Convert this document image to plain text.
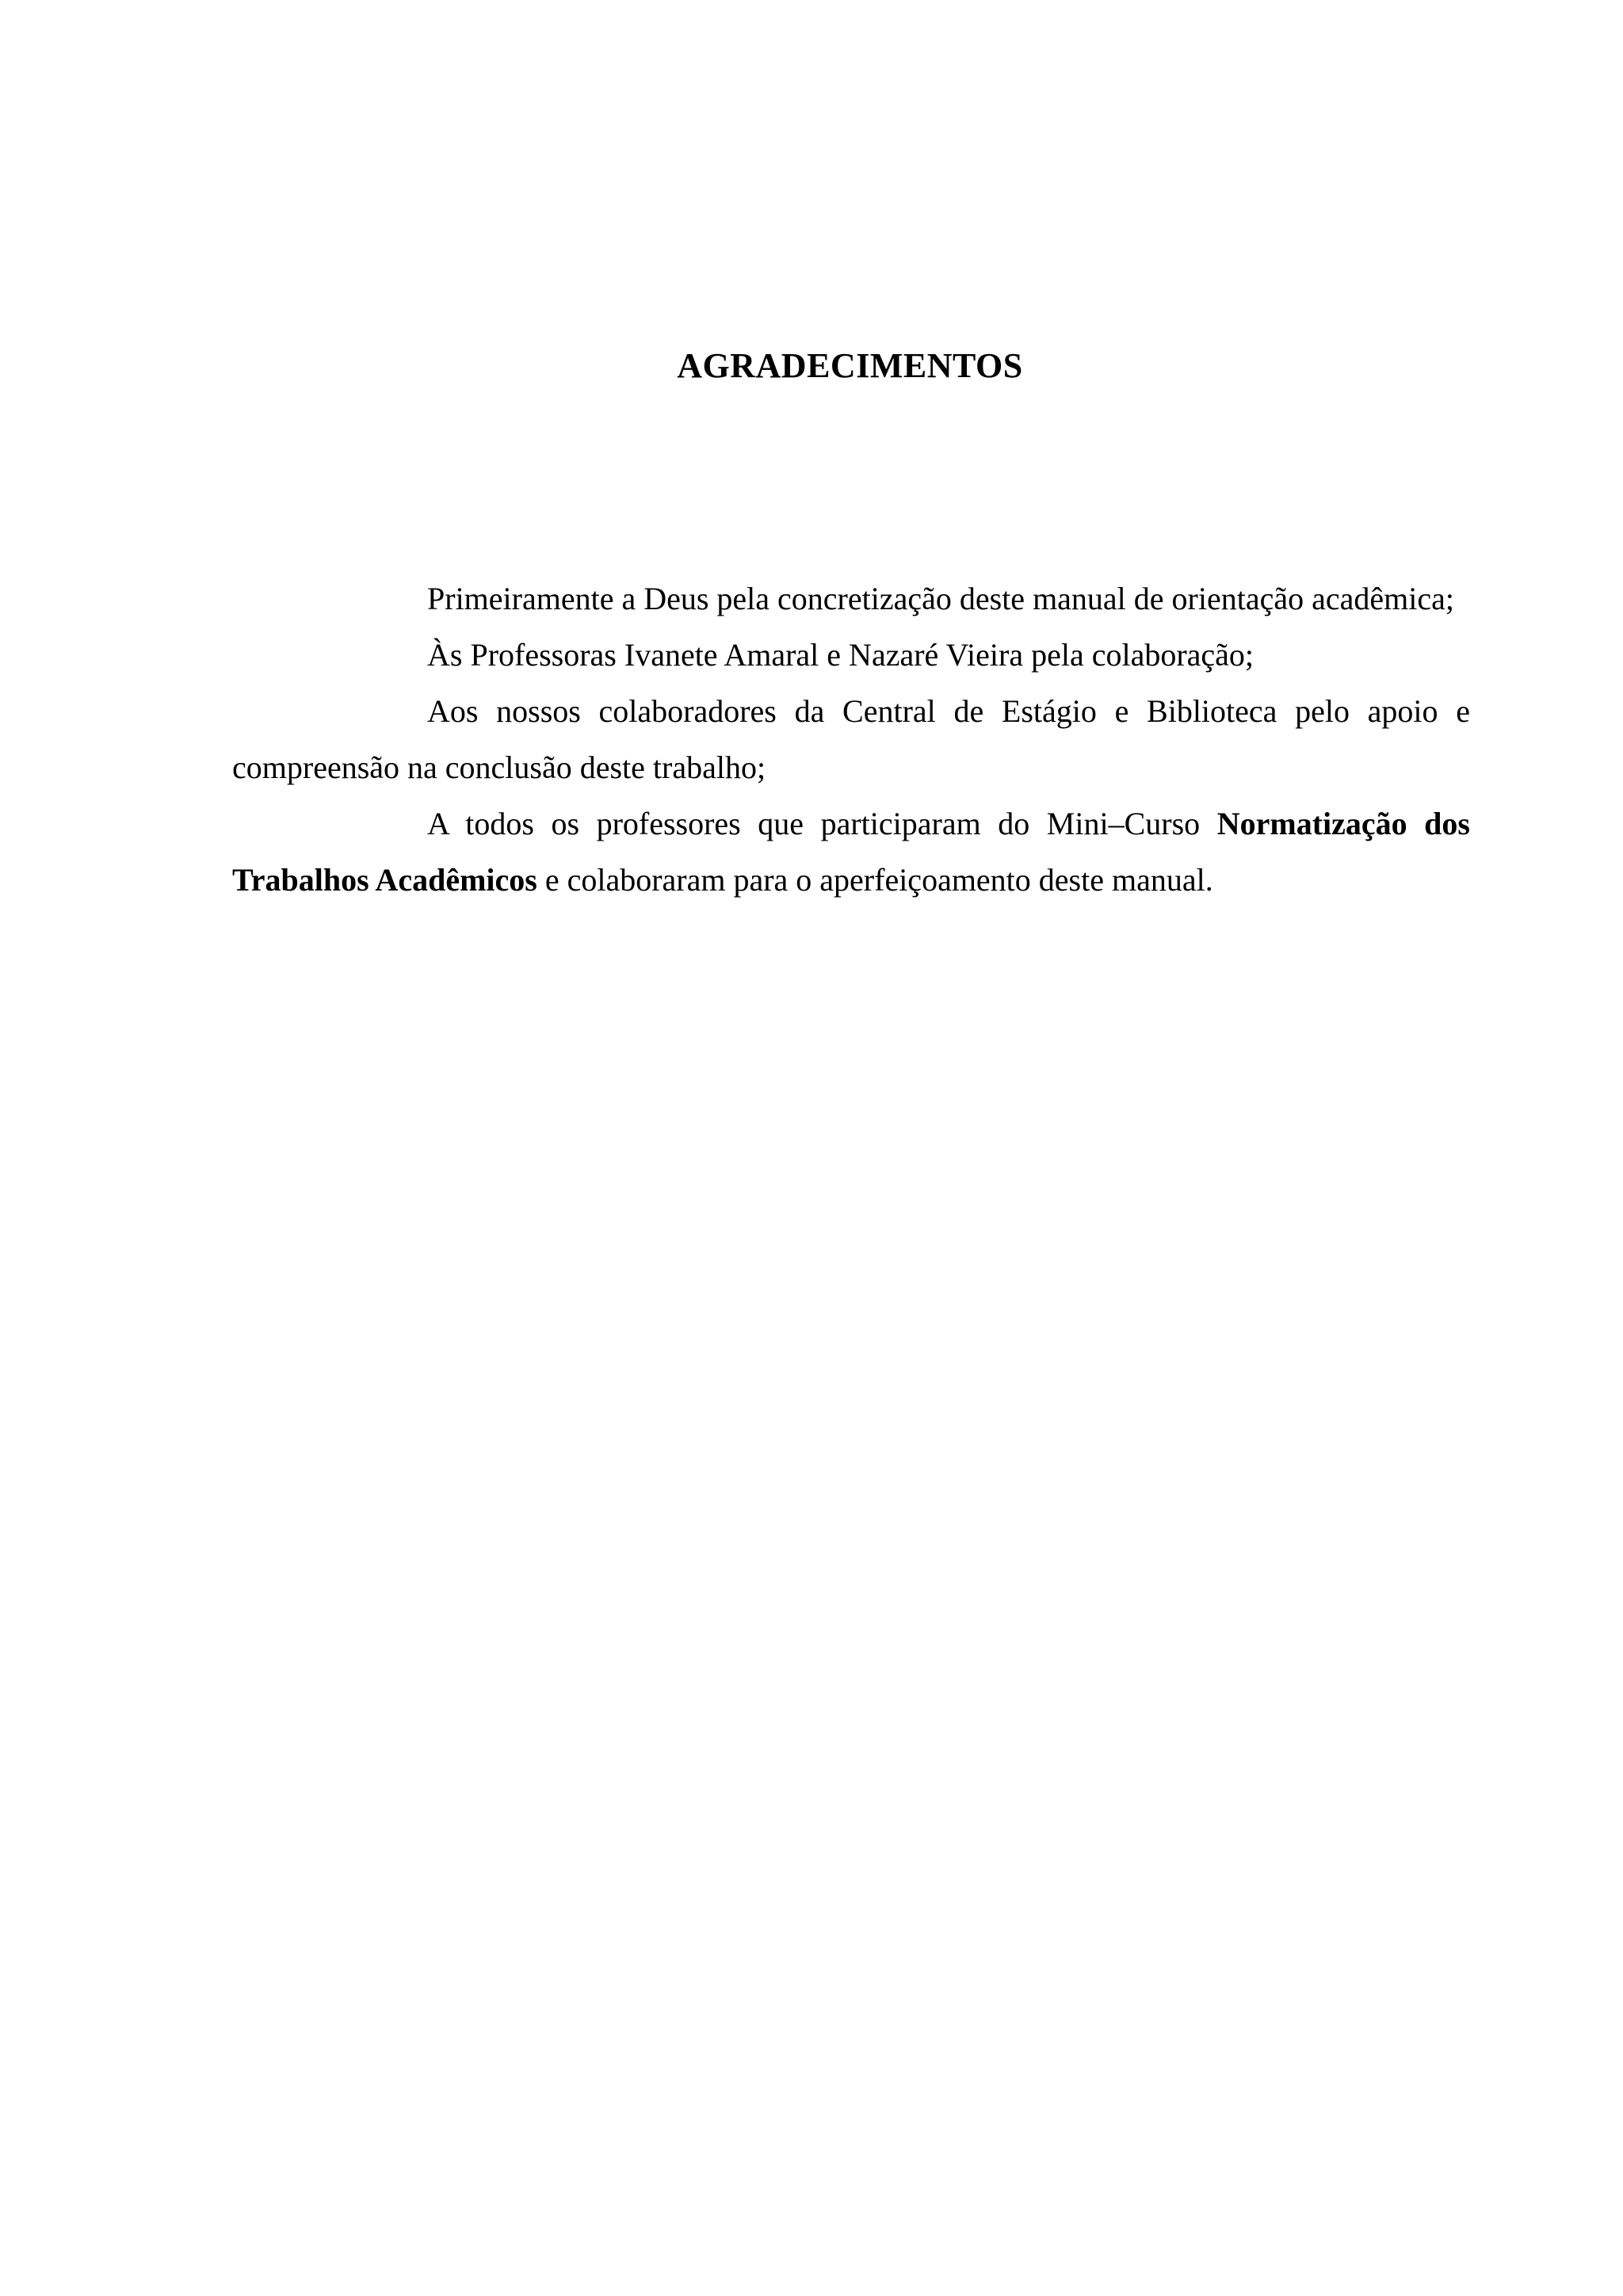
AGRADECIMENTOS

Primeiramente a Deus pela concretização deste manual de orientação acadêmica;

Às Professoras Ivanete Amaral e Nazaré Vieira pela colaboração;

Aos nossos colaboradores da Central de Estágio e Biblioteca pelo apoio e compreensão na conclusão deste trabalho;

A todos os professores que participaram do Mini–Curso Normatização dos Trabalhos Acadêmicos e colaboraram para o aperfeiçoamento deste manual.
